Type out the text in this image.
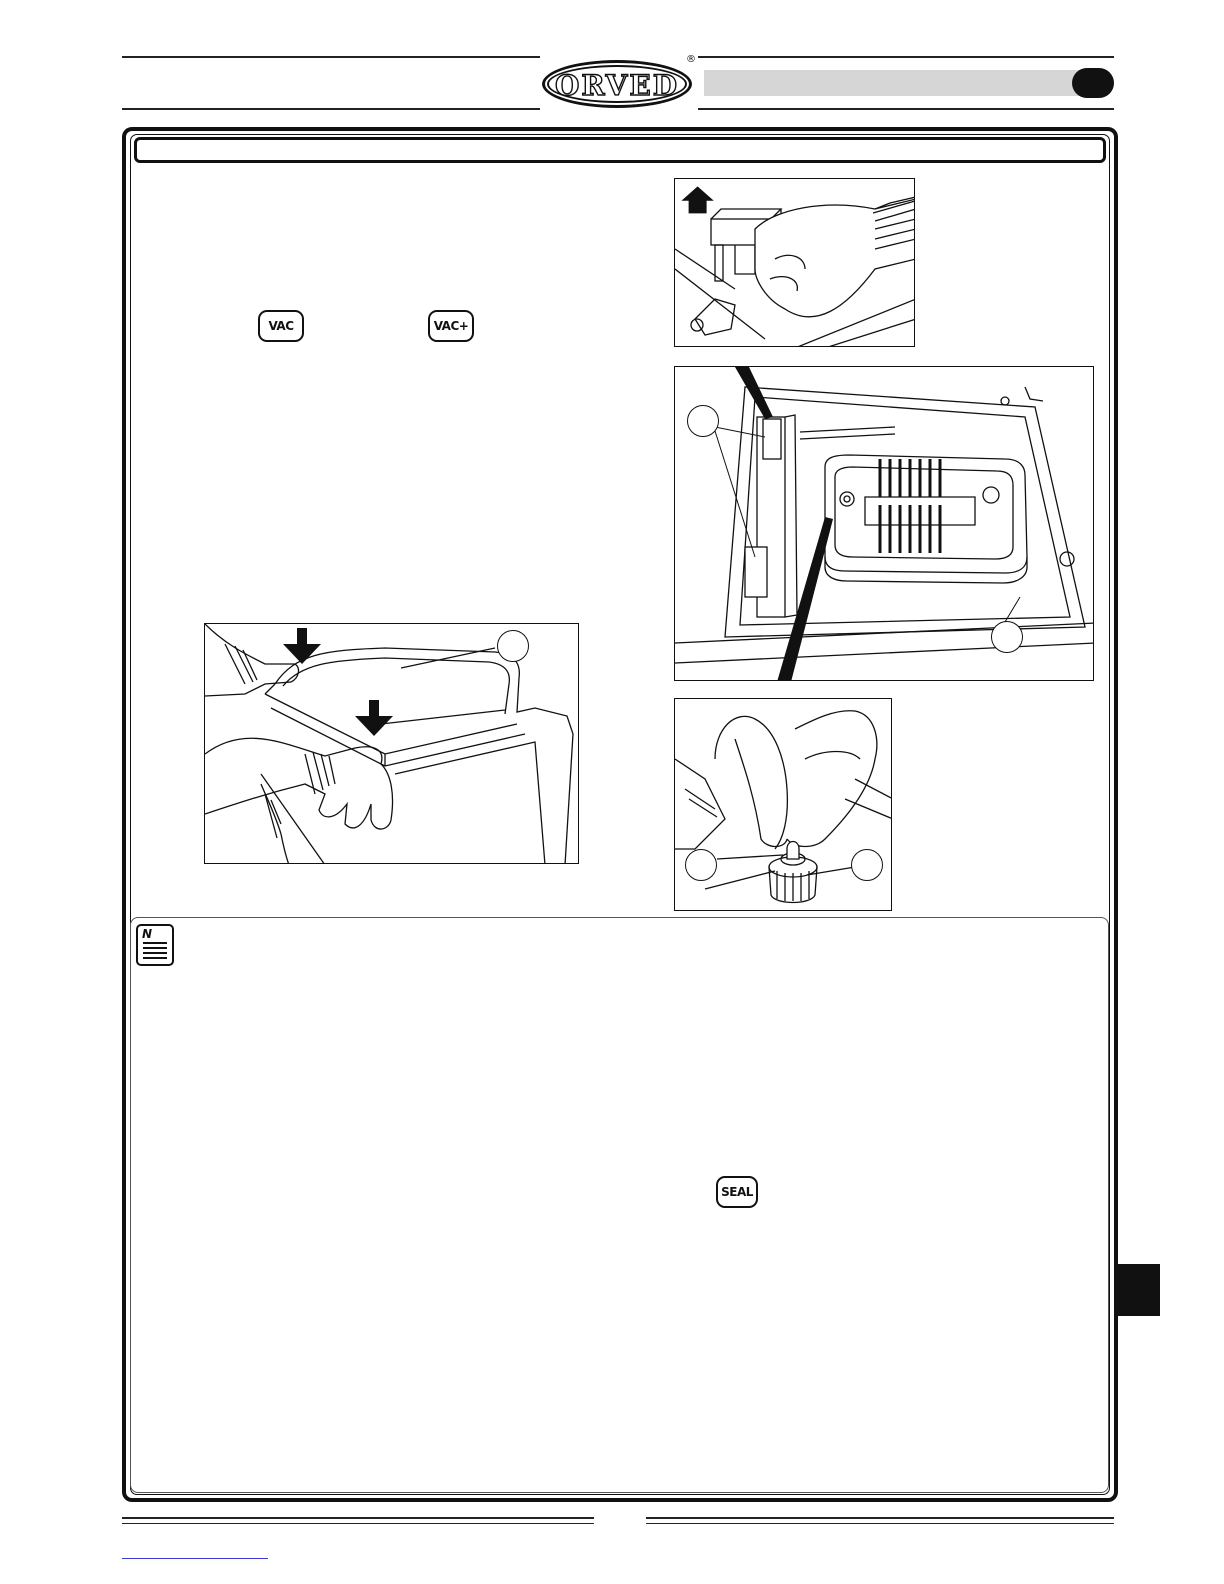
ORVED
®
VAC	VAC+
N
SEAL
